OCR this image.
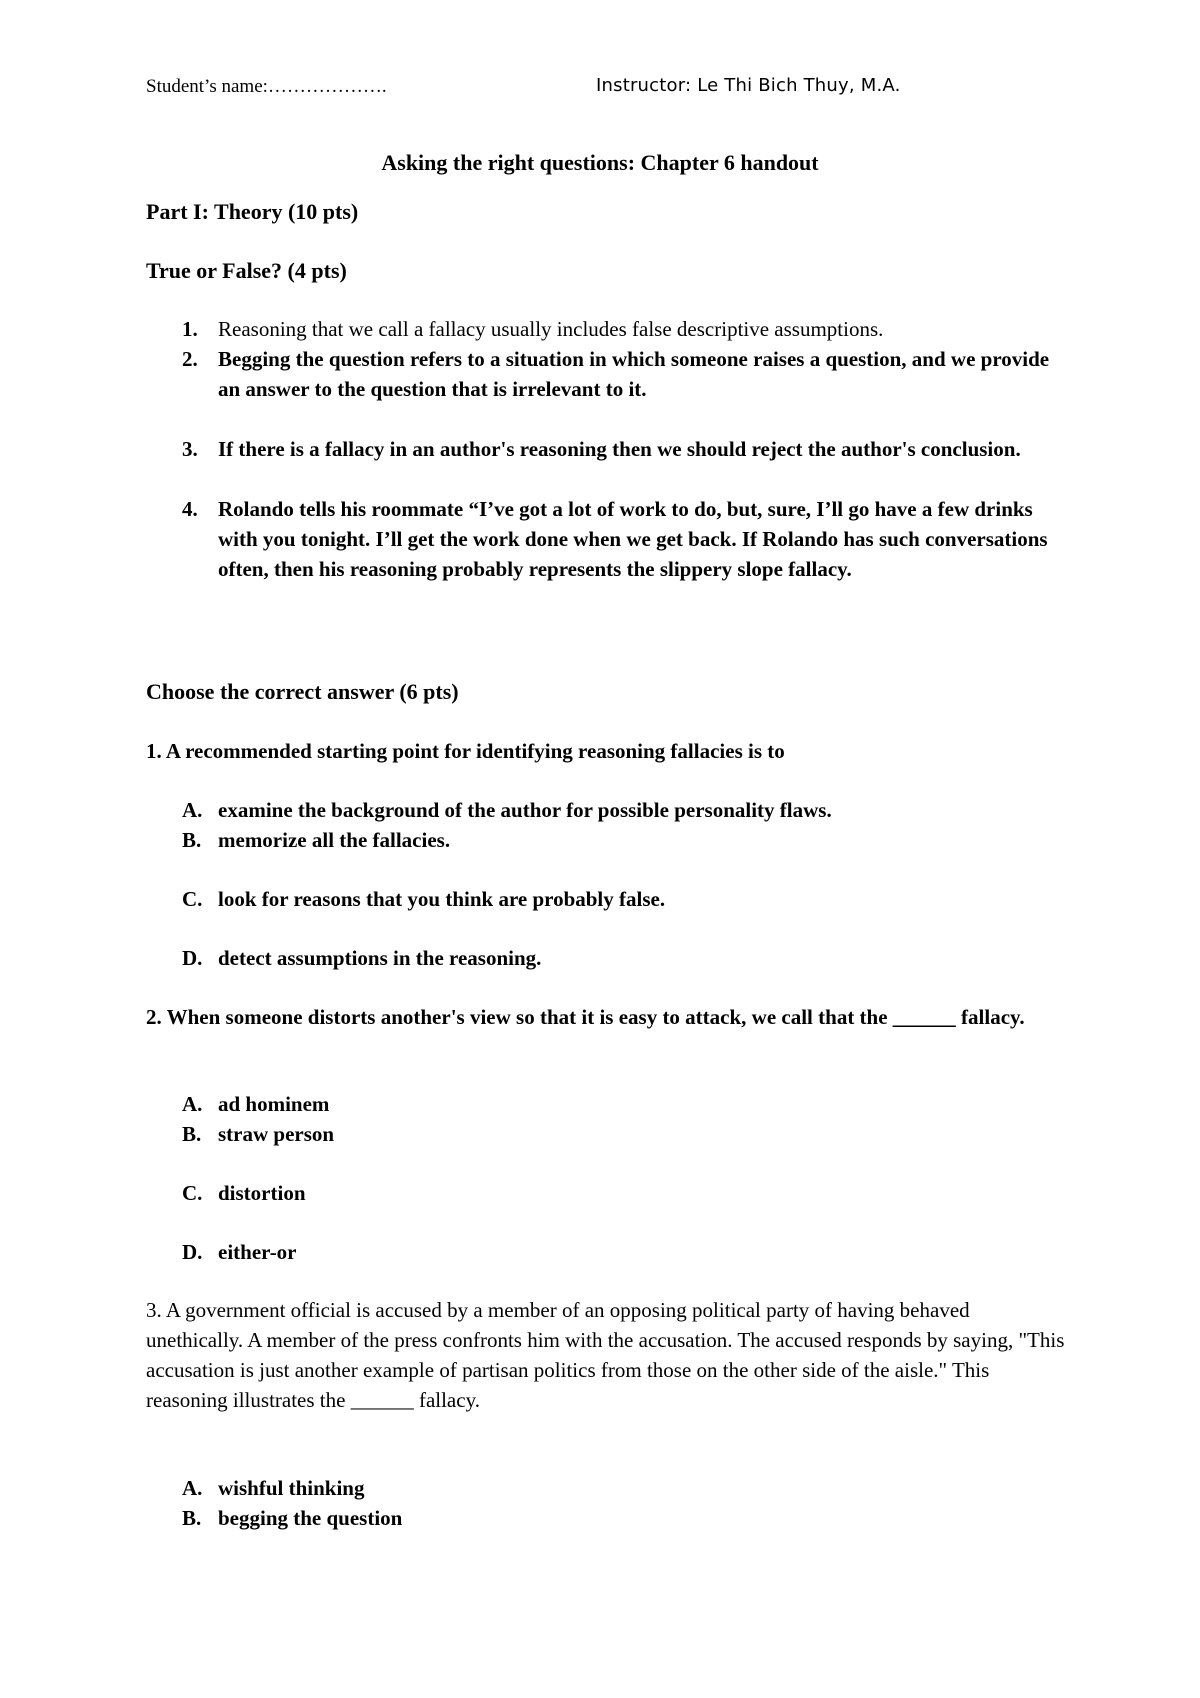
Student’s name:……………….	Instructor: Le Thi Bich Thuy, M.A.
Asking the right questions: Chapter 6 handout
Part I: Theory (10 pts)
True or False? (4 pts)
1. Reasoning that we call a fallacy usually includes false descriptive assumptions.
2. Begging the question refers to a situation in which someone raises a question, and we provide an answer to the question that is irrelevant to it.
3. If there is a fallacy in an author's reasoning then we should reject the author's conclusion.
4. Rolando tells his roommate “I’ve got a lot of work to do, but, sure, I’ll go have a few drinks with you tonight. I’ll get the work done when we get back. If Rolando has such conversations often, then his reasoning probably represents the slippery slope fallacy.
Choose the correct answer (6 pts)
1. A recommended starting point for identifying reasoning fallacies is to
A. examine the background of the author for possible personality flaws.
B. memorize all the fallacies.
C. look for reasons that you think are probably false.
D. detect assumptions in the reasoning.
2. When someone distorts another's view so that it is easy to attack, we call that the ______ fallacy.
A. ad hominem
B. straw person
C. distortion
D. either-or
3. A government official is accused by a member of an opposing political party of having behaved unethically. A member of the press confronts him with the accusation. The accused responds by saying, "This accusation is just another example of partisan politics from those on the other side of the aisle." This reasoning illustrates the ______ fallacy.
A. wishful thinking
B. begging the question
